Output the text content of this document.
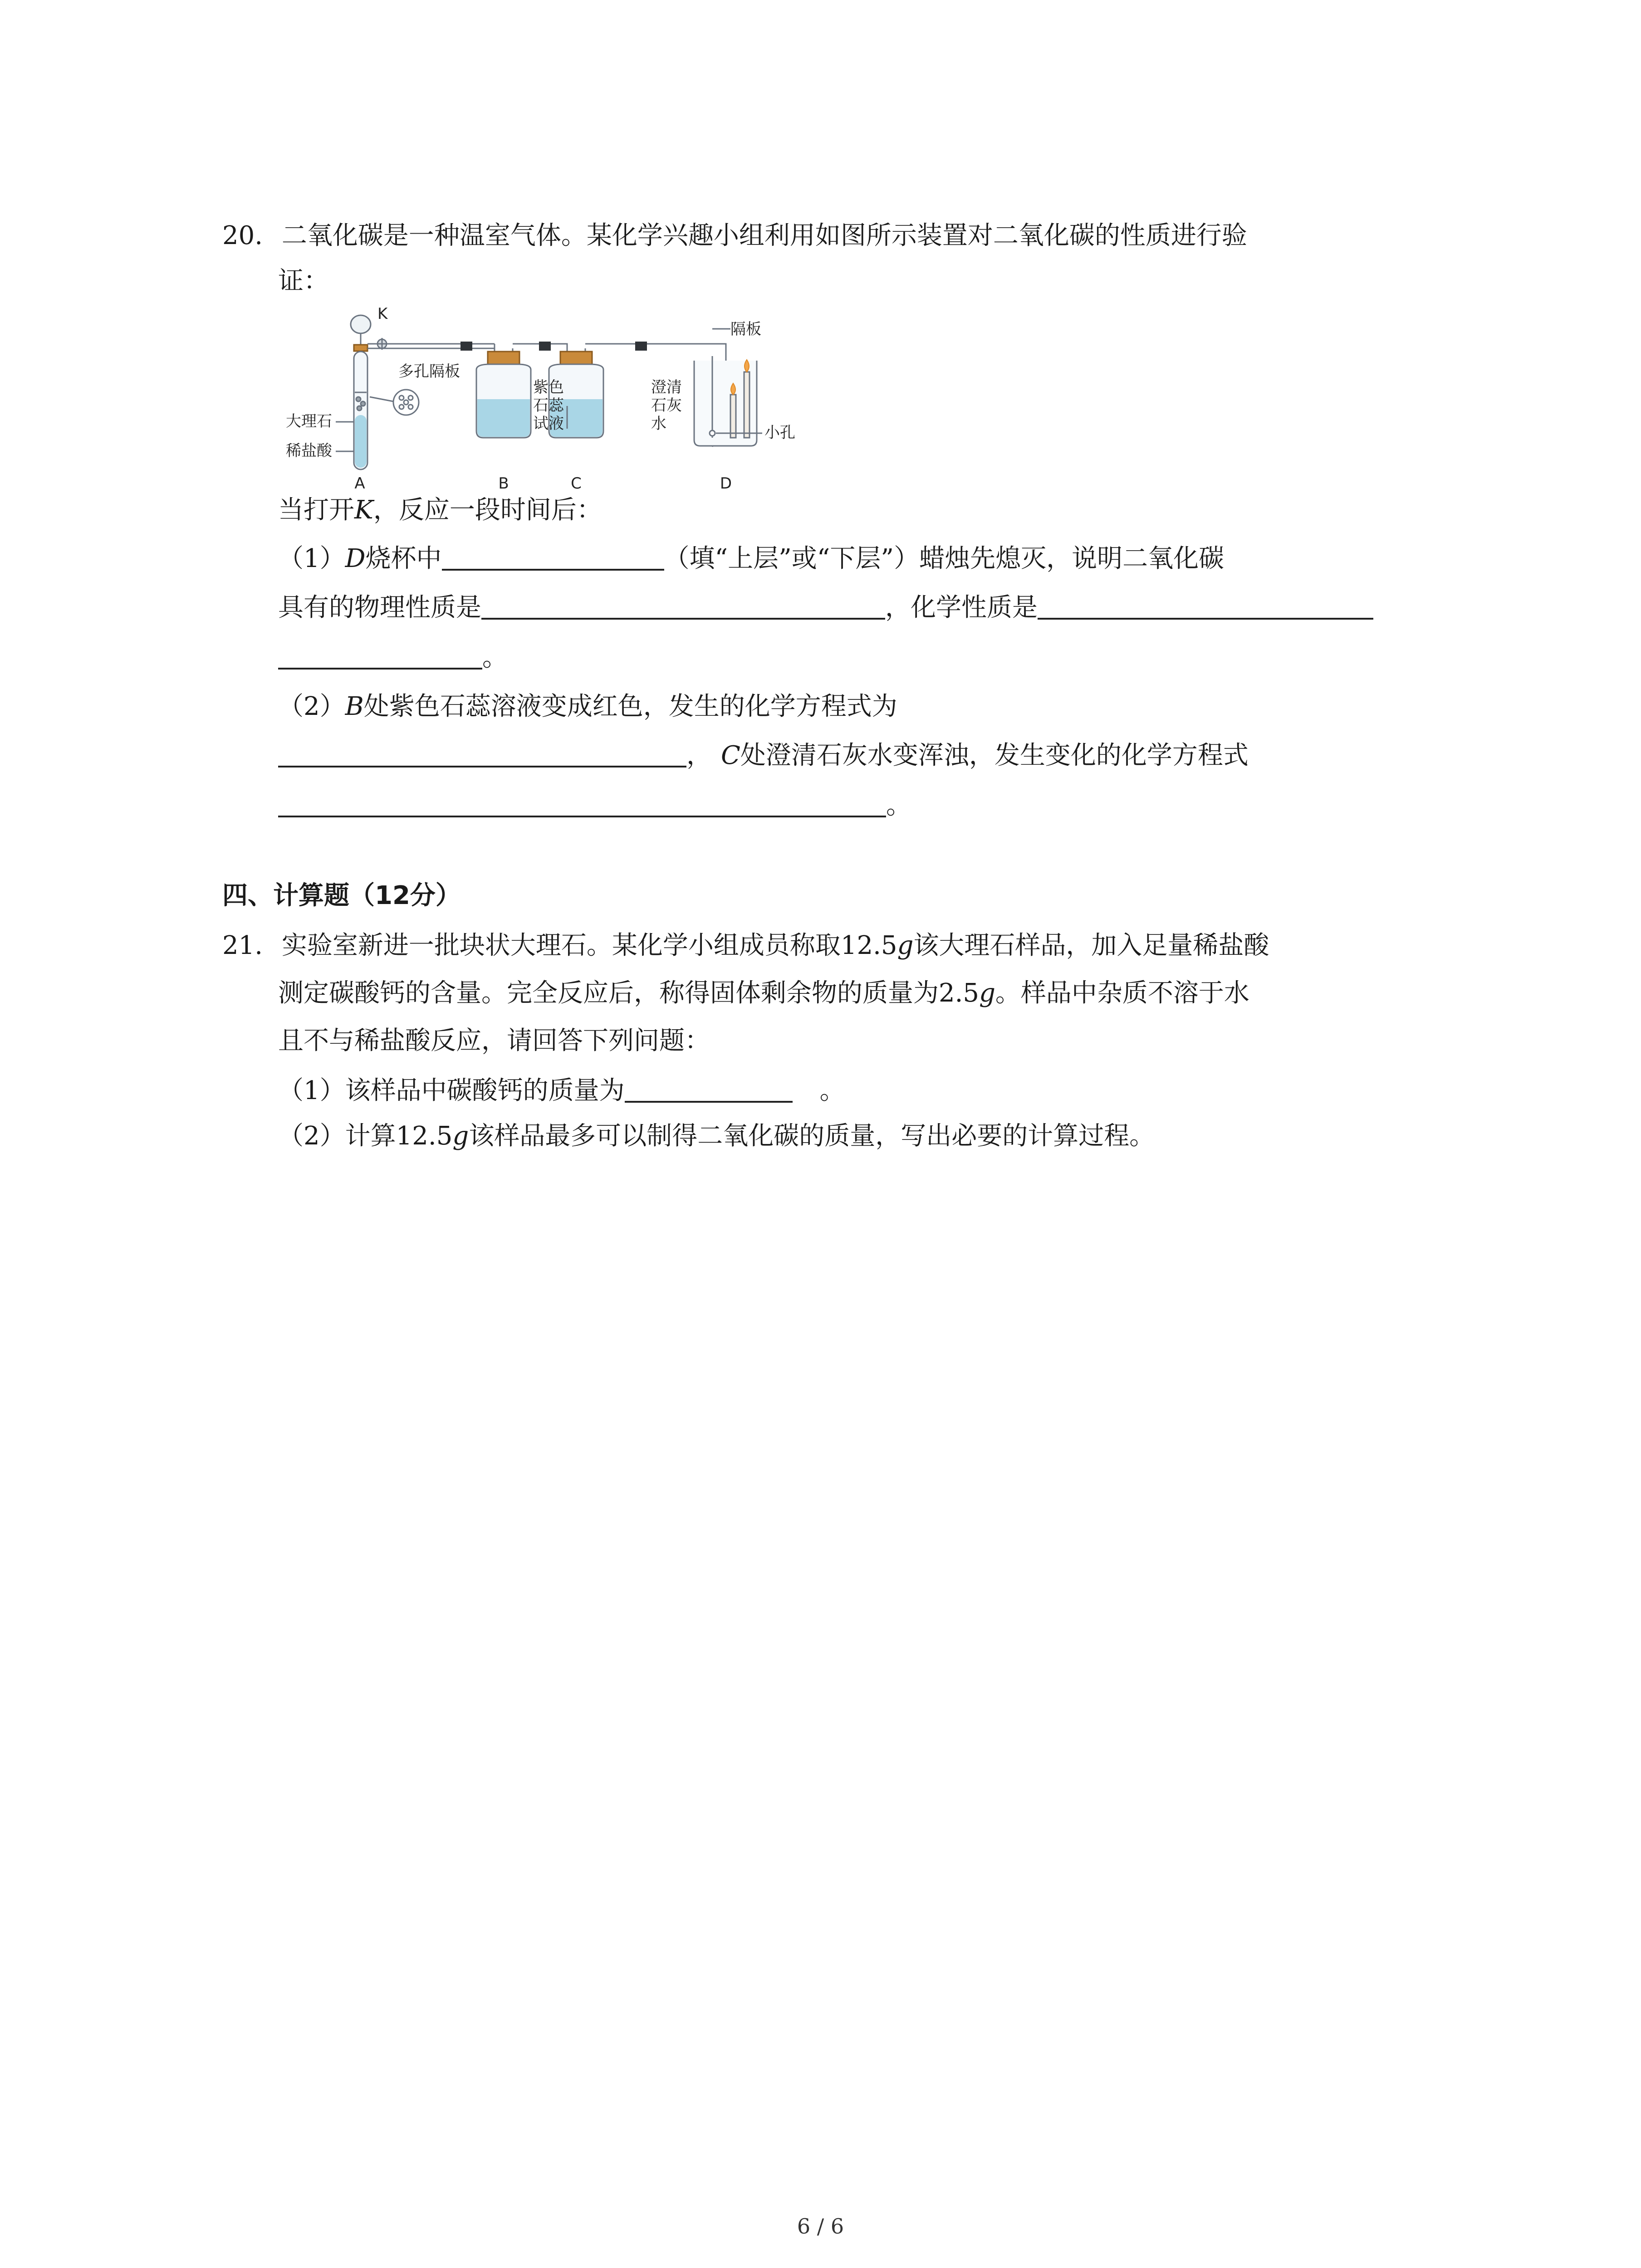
20. 二氧化碳是一种温室气体。某化学兴趣小组利用如图所示装置对二氧化碳的性质进行验
证：
K
多孔隔板
大理石
稀盐酸
紫色
石蕊
试液
澄清
石灰
水
隔板
小孔
A	B	C	D
当打开K，反应一段时间后：
（1）D烧杯中	（填“上层”或“下层”）蜡烛先熄灭，说明二氧化碳
具有的物理性质是	，化学性质是
。
（2）B处紫色石蕊溶液变成红色，发生的化学方程式为
， C处澄清石灰水变浑浊，发生变化的化学方程式
。
四、计算题（12分）
21. 实验室新进一批块状大理石。某化学小组成员称取12.5g该大理石样品，加入足量稀盐酸
测定碳酸钙的含量。完全反应后，称得固体剩余物的质量为2.5g。样品中杂质不溶于水
且不与稀盐酸反应，请回答下列问题：
（1）该样品中碳酸钙的质量为	。
（2）计算12.5g该样品最多可以制得二氧化碳的质量，写出必要的计算过程。
6 / 6
